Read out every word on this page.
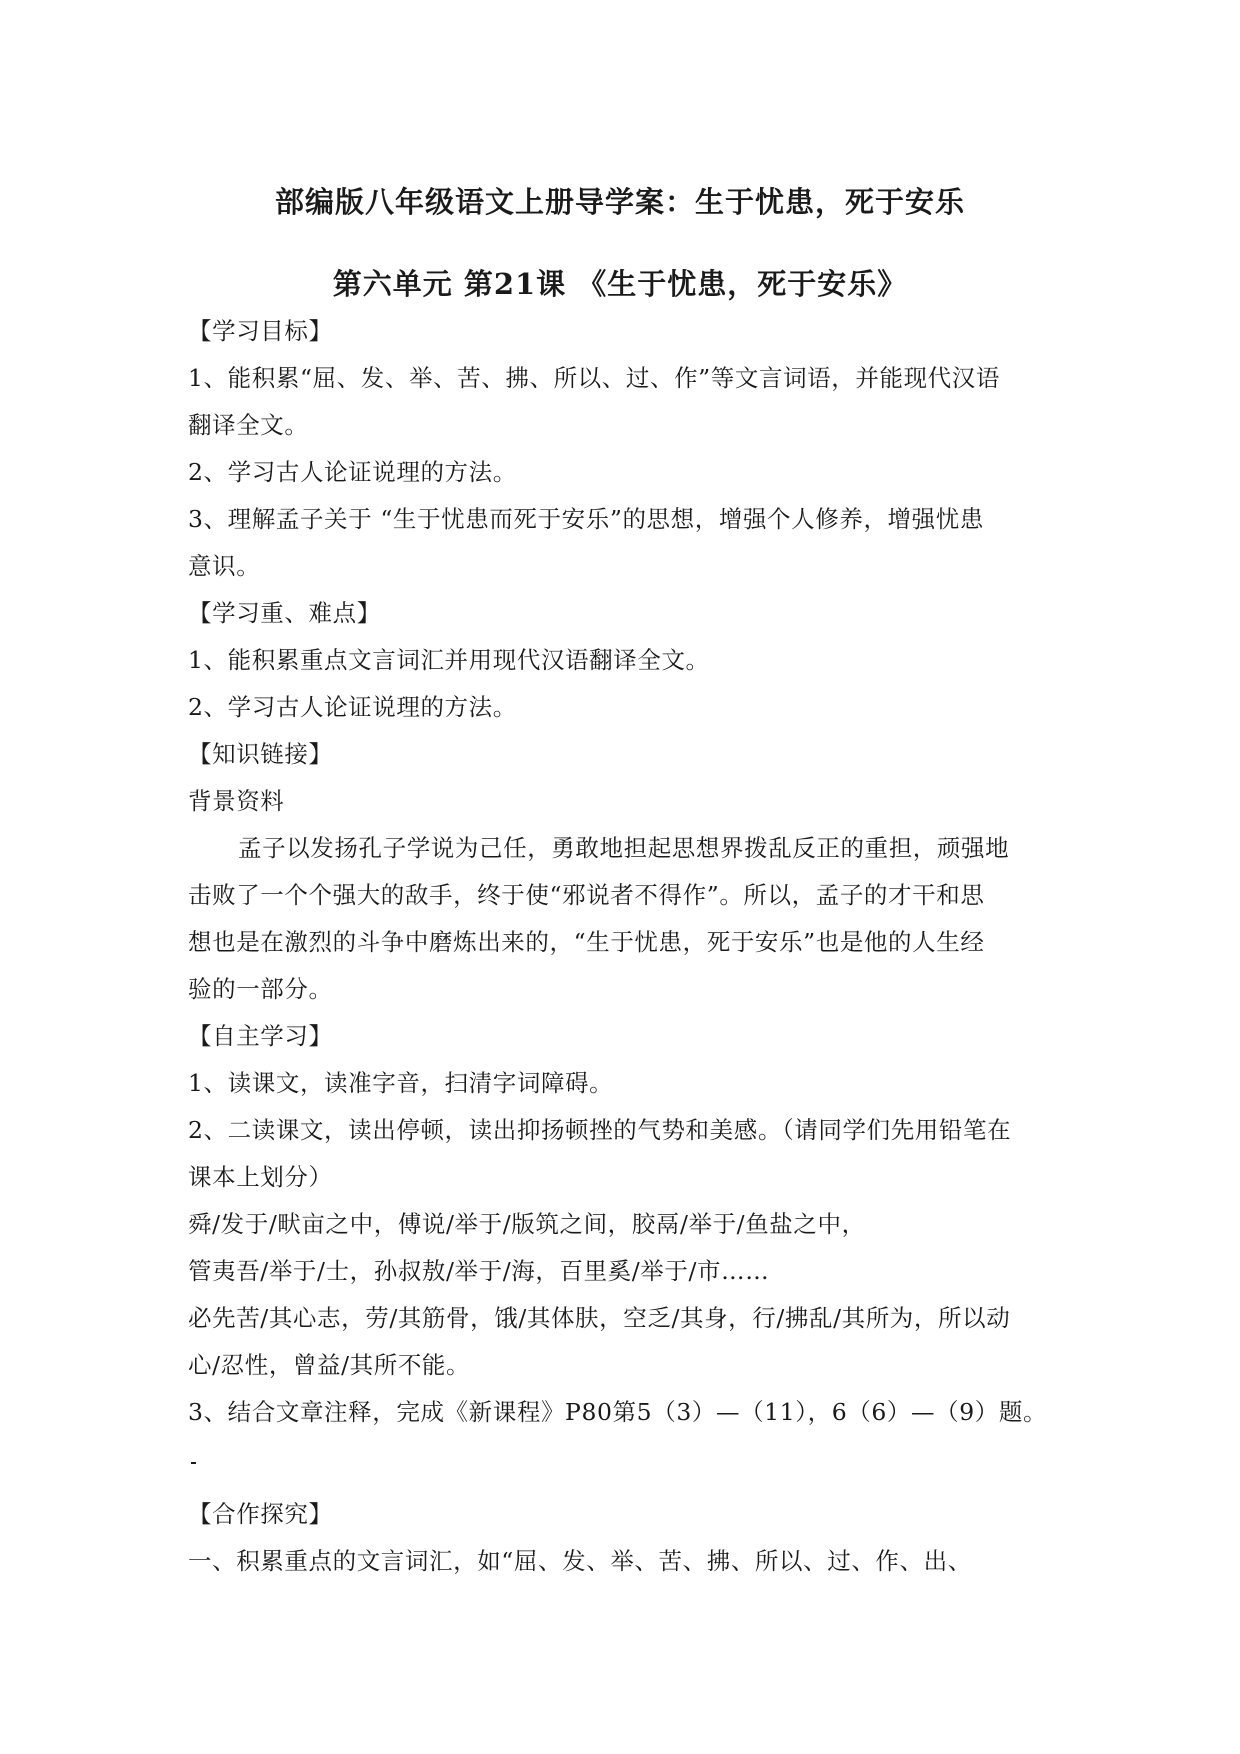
部编版八年级语文上册导学案：生于忧患，死于安乐
第六单元 第21课 《生于忧患，死于安乐》
【学习目标】
1、能积累“屈、发、举、苦、拂、所以、过、作”等文言词语，并能现代汉语
翻译全文。
2、学习古人论证说理的方法。
3、理解孟子关于 “生于忧患而死于安乐”的思想，增强个人修养，增强忧患
意识。
【学习重、难点】
1、能积累重点文言词汇并用现代汉语翻译全文。
2、学习古人论证说理的方法。
【知识链接】
背景资料
孟子以发扬孔子学说为己任，勇敢地担起思想界拨乱反正的重担，顽强地
击败了一个个强大的敌手，终于使“邪说者不得作”。所以，孟子的才干和思
想也是在激烈的斗争中磨炼出来的，“生于忧患，死于安乐”也是他的人生经
验的一部分。
【自主学习】
1、读课文，读准字音，扫清字词障碍。
2、二读课文，读出停顿，读出抑扬顿挫的气势和美感。（请同学们先用铅笔在
课本上划分）
舜/发于/畎亩之中，傅说/举于/版筑之间，胶鬲/举于/鱼盐之中，
管夷吾/举于/士，孙叔敖/举于/海，百里奚/举于/市……
必先苦/其心志，劳/其筋骨，饿/其体肤，空乏/其身，行/拂乱/其所为，所以动
心/忍性，曾益/其所不能。
3、结合文章注释，完成《新课程》P80第5（3）—（11），6（6）—（9）题。
【合作探究】
一、积累重点的文言词汇，如“屈、发、举、苦、拂、所以、过、作、出、
